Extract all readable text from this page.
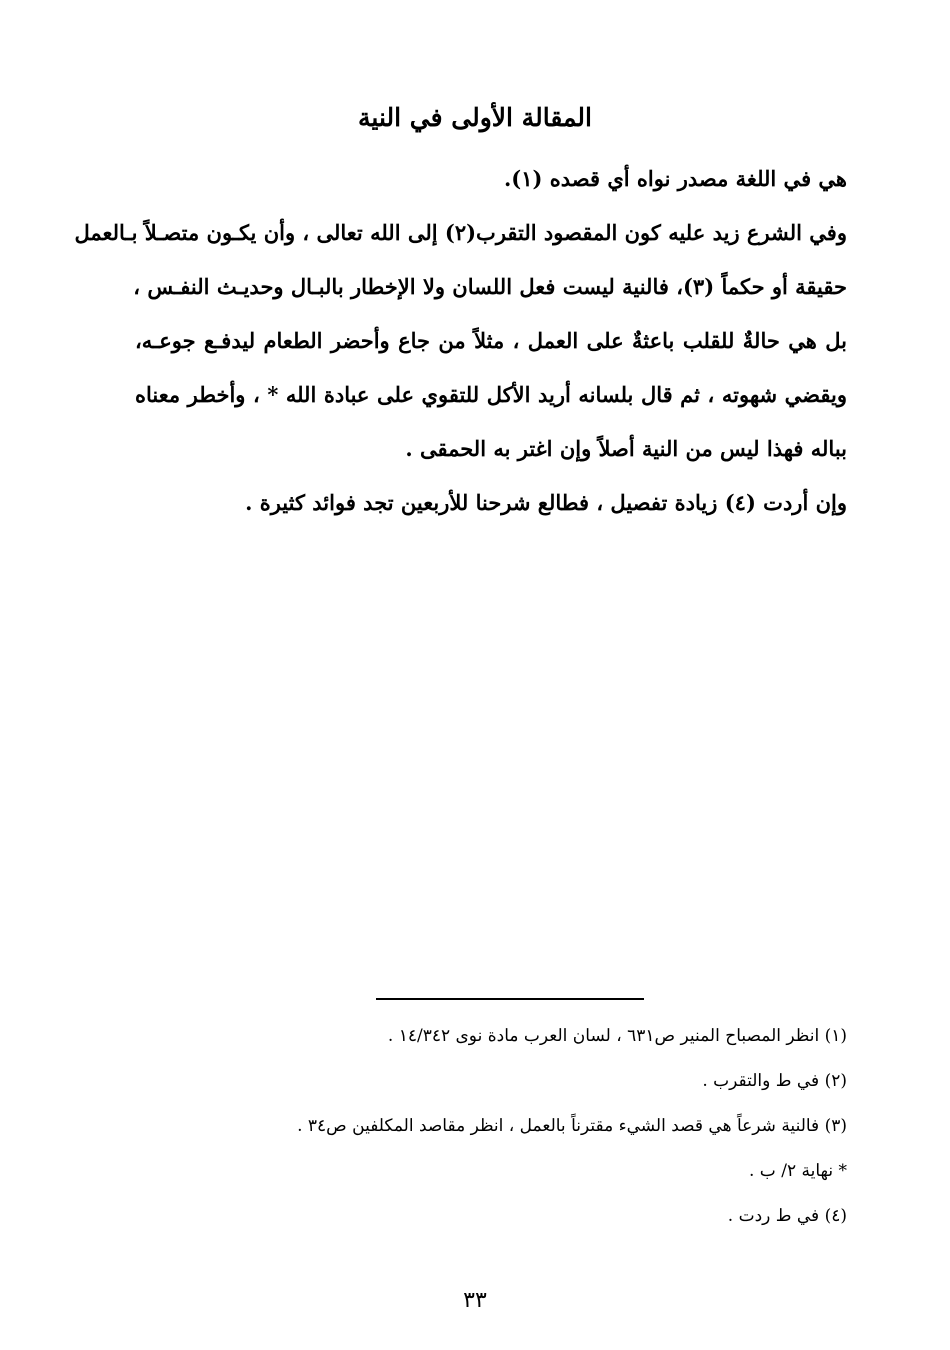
المقالة الأولى في النية
هي في اللغة مصدر نواه أي قصده (١).
وفي الشرع زيد عليه كون المقصود التقرب(٢) إلى الله تعالى ، وأن يكـون متصـلاً بـالعمل
حقيقة أو حكماً (٣)، فالنية ليست فعل اللسان ولا الإخطار بالبـال وحديـث النفـس ،
بل هي حالةٌ للقلب باعثةٌ على العمل ، مثلاً من جاع وأحضر الطعام ليدفـع جوعـه،
ويقضي شهوته ، ثم قال بلسانه أريد الأكل للتقوي على عبادة الله * ، وأخطر معناه
بباله فهذا ليس من النية أصلاً وإن اغتر به الحمقى .
وإن أردت (٤) زيادة تفصيل ، فطالع شرحنا للأربعين تجد فوائد كثيرة .
(١) انظر المصباح المنير ص٦٣١ ، لسان العرب مادة نوى ١٤/٣٤٢ .
(٢) في ط والتقرب .
(٣) فالنية شرعاً هي قصد الشيء مقترناً بالعمل ، انظر مقاصد المكلفين ص٣٤ .
* نهاية ٢/ ب .
(٤) في ط ردت .
٣٣
